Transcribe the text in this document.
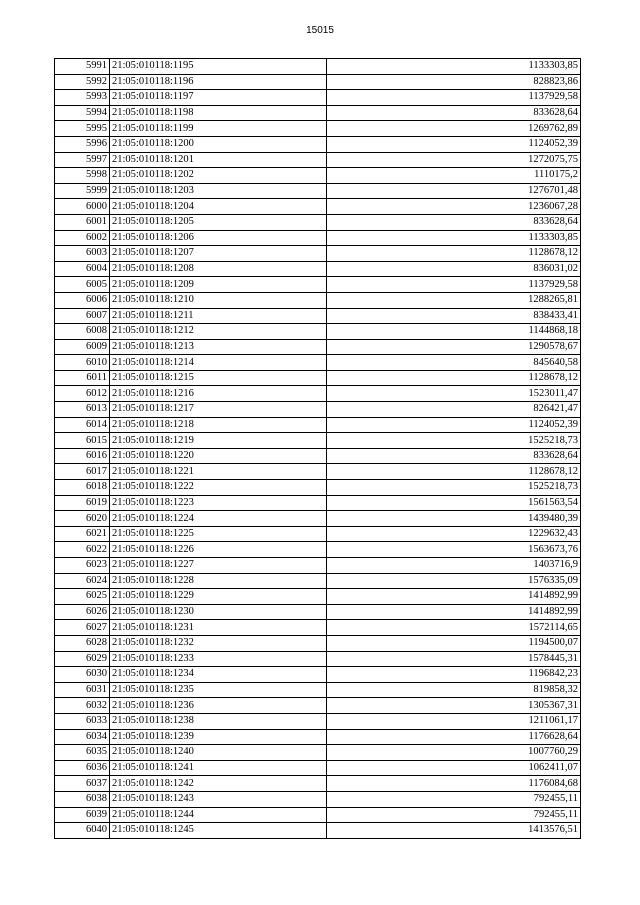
15015
5991	21:05:010118:1195	1133303,85
5992	21:05:010118:1196	828823,86
5993	21:05:010118:1197	1137929,58
5994	21:05:010118:1198	833628,64
5995	21:05:010118:1199	1269762,89
5996	21:05:010118:1200	1124052,39
5997	21:05:010118:1201	1272075,75
5998	21:05:010118:1202	1110175,2
5999	21:05:010118:1203	1276701,48
6000	21:05:010118:1204	1236067,28
6001	21:05:010118:1205	833628,64
6002	21:05:010118:1206	1133303,85
6003	21:05:010118:1207	1128678,12
6004	21:05:010118:1208	836031,02
6005	21:05:010118:1209	1137929,58
6006	21:05:010118:1210	1288265,81
6007	21:05:010118:1211	838433,41
6008	21:05:010118:1212	1144868,18
6009	21:05:010118:1213	1290578,67
6010	21:05:010118:1214	845640,58
6011	21:05:010118:1215	1128678,12
6012	21:05:010118:1216	1523011,47
6013	21:05:010118:1217	826421,47
6014	21:05:010118:1218	1124052,39
6015	21:05:010118:1219	1525218,73
6016	21:05:010118:1220	833628,64
6017	21:05:010118:1221	1128678,12
6018	21:05:010118:1222	1525218,73
6019	21:05:010118:1223	1561563,54
6020	21:05:010118:1224	1439480,39
6021	21:05:010118:1225	1229632,43
6022	21:05:010118:1226	1563673,76
6023	21:05:010118:1227	1403716,9
6024	21:05:010118:1228	1576335,09
6025	21:05:010118:1229	1414892,99
6026	21:05:010118:1230	1414892,99
6027	21:05:010118:1231	1572114,65
6028	21:05:010118:1232	1194500,07
6029	21:05:010118:1233	1578445,31
6030	21:05:010118:1234	1196842,23
6031	21:05:010118:1235	819858,32
6032	21:05:010118:1236	1305367,31
6033	21:05:010118:1238	1211061,17
6034	21:05:010118:1239	1176628,64
6035	21:05:010118:1240	1007760,29
6036	21:05:010118:1241	1062411,07
6037	21:05:010118:1242	1176084,68
6038	21:05:010118:1243	792455,11
6039	21:05:010118:1244	792455,11
6040	21:05:010118:1245	1413576,51
